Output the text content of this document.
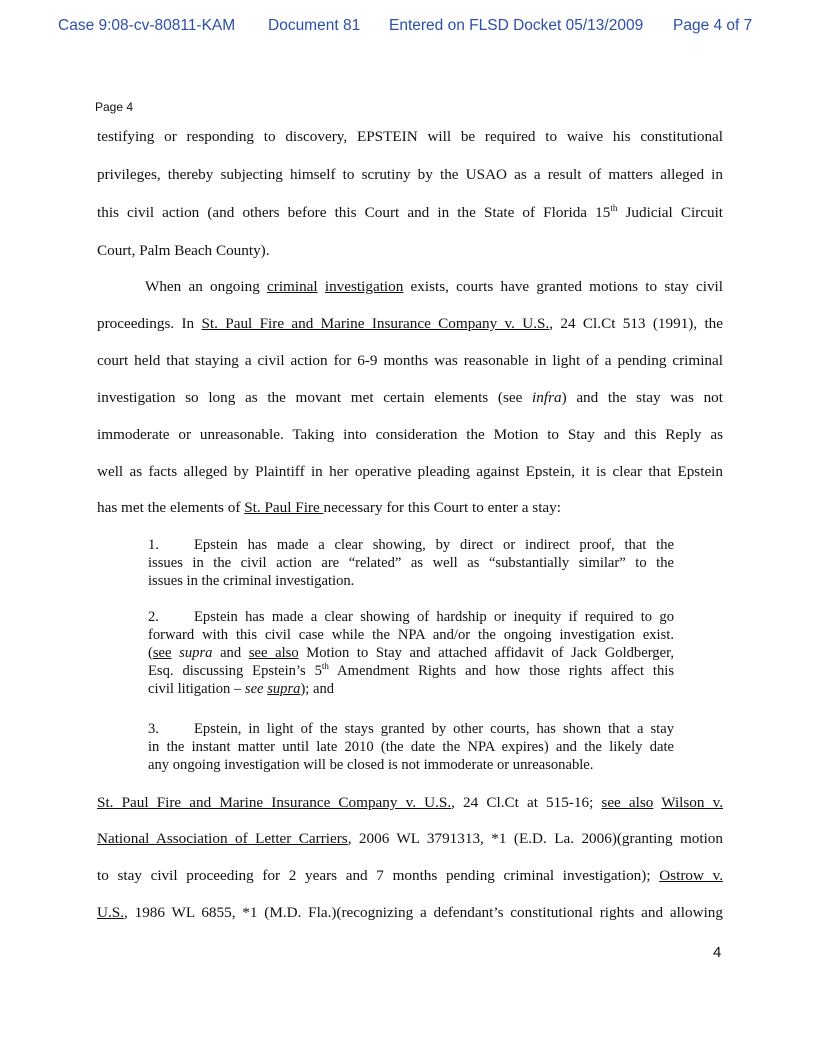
Case 9:08-cv-80811-KAM Document 81 Entered on FLSD Docket 05/13/2009 Page 4 of 7
Page 4
testifying or responding to discovery, EPSTEIN will be required to waive his constitutional
privileges, thereby subjecting himself to scrutiny by the USAO as a result of matters alleged in
this civil action (and others before this Court and in the State of Florida 15th Judicial Circuit
Court, Palm Beach County).
When an ongoing criminal investigation exists, courts have granted motions to stay civil
proceedings. In St. Paul Fire and Marine Insurance Company v. U.S., 24 Cl.Ct 513 (1991), the
court held that staying a civil action for 6-9 months was reasonable in light of a pending criminal
investigation so long as the movant met certain elements (see infra) and the stay was not
immoderate or unreasonable. Taking into consideration the Motion to Stay and this Reply as
well as facts alleged by Plaintiff in her operative pleading against Epstein, it is clear that Epstein
has met the elements of St. Paul Fire necessary for this Court to enter a stay:
1. Epstein has made a clear showing, by direct or indirect proof, that the
issues in the civil action are “related” as well as “substantially similar” to the
issues in the criminal investigation.
2. Epstein has made a clear showing of hardship or inequity if required to go
forward with this civil case while the NPA and/or the ongoing investigation exist.
(see supra and see also Motion to Stay and attached affidavit of Jack Goldberger,
Esq. discussing Epstein’s 5th Amendment Rights and how those rights affect this
civil litigation – see supra); and
3. Epstein, in light of the stays granted by other courts, has shown that a stay
in the instant matter until late 2010 (the date the NPA expires) and the likely date
any ongoing investigation will be closed is not immoderate or unreasonable.
St. Paul Fire and Marine Insurance Company v. U.S., 24 Cl.Ct at 515-16; see also Wilson v.
National Association of Letter Carriers, 2006 WL 3791313, *1 (E.D. La. 2006)(granting motion
to stay civil proceeding for 2 years and 7 months pending criminal investigation); Ostrow v.
U.S., 1986 WL 6855, *1 (M.D. Fla.)(recognizing a defendant’s constitutional rights and allowing
4
